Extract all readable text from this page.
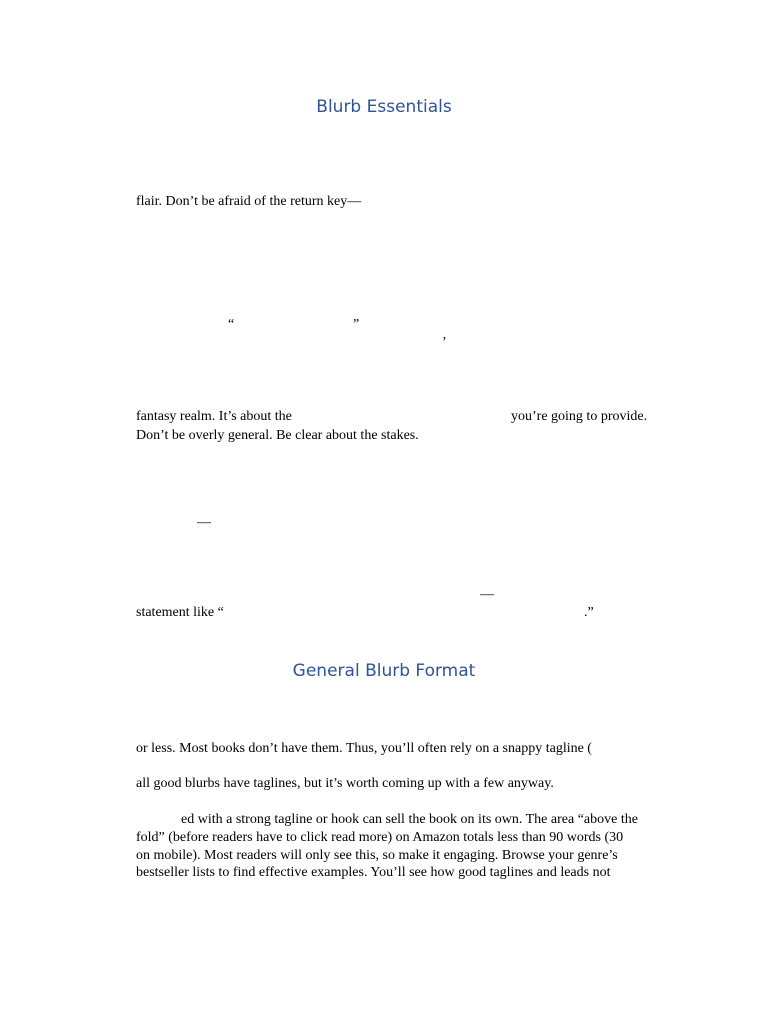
Blurb Essentials

flair. Don’t be afraid of the return key—

“	”
’

fantasy realm. It’s about the	you’re going to provide.

Don’t be overly general. Be clear about the stakes.

—
—

statement like “	.”

General Blurb Format

or less. Most books don’t have them. Thus, you’ll often rely on a snappy tagline (

all good blurbs have taglines, but it’s worth coming up with a few anyway.

ed with a strong tagline or hook can sell the book on its own. The area “above the

fold” (before readers have to click read more) on Amazon totals less than 90 words (30

on mobile). Most readers will only see this, so make it engaging. Browse your genre’s

bestseller lists to find effective examples. You’ll see how good taglines and leads not
